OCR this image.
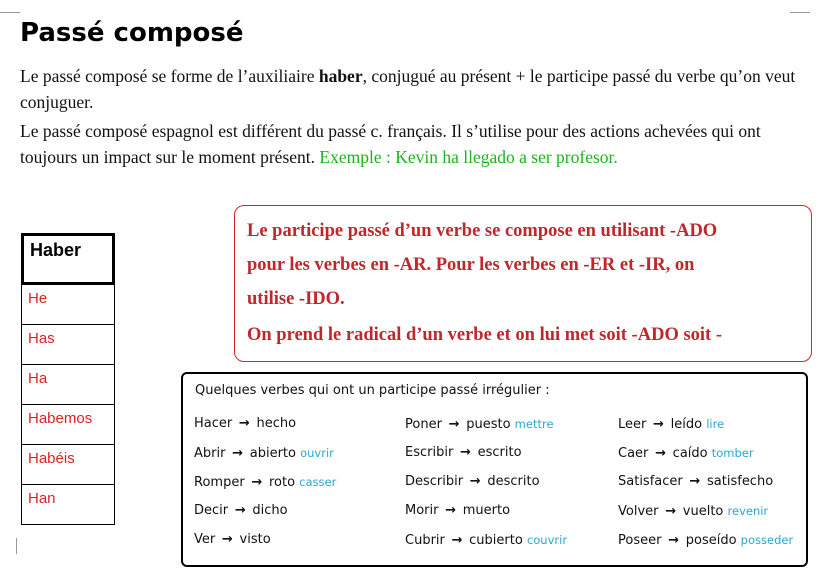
Passé composé

Le passé composé se forme de l’auxiliaire haber, conjugué au présent + le participe passé du verbe qu’on veut conjuguer.

Le passé composé espagnol est différent du passé c. français. Il s’utilise pour des actions achevées qui ont toujours un impact sur le moment présent. Exemple : Kevin ha llegado a ser profesor.

Haber
He
Has
Ha
Habemos
Habéis
Han

Le participe passé d’un verbe se compose en utilisant -ADO

pour les verbes en -AR. Pour les verbes en -ER et -IR, on

utilise -IDO.

On prend le radical d’un verbe et on lui met soit -ADO soit -

Quelques verbes qui ont un participe passé irrégulier :
Hacer → hecho
Abrir → abierto ouvrir
Romper → roto casser
Decir → dicho
Ver → visto
Poner → puesto mettre
Escribir → escrito
Describir → descrito
Morir → muerto
Cubrir → cubierto couvrir
Leer → leído lire
Caer → caído tomber
Satisfacer → satisfecho
Volver → vuelto revenir
Poseer → poseído posseder
